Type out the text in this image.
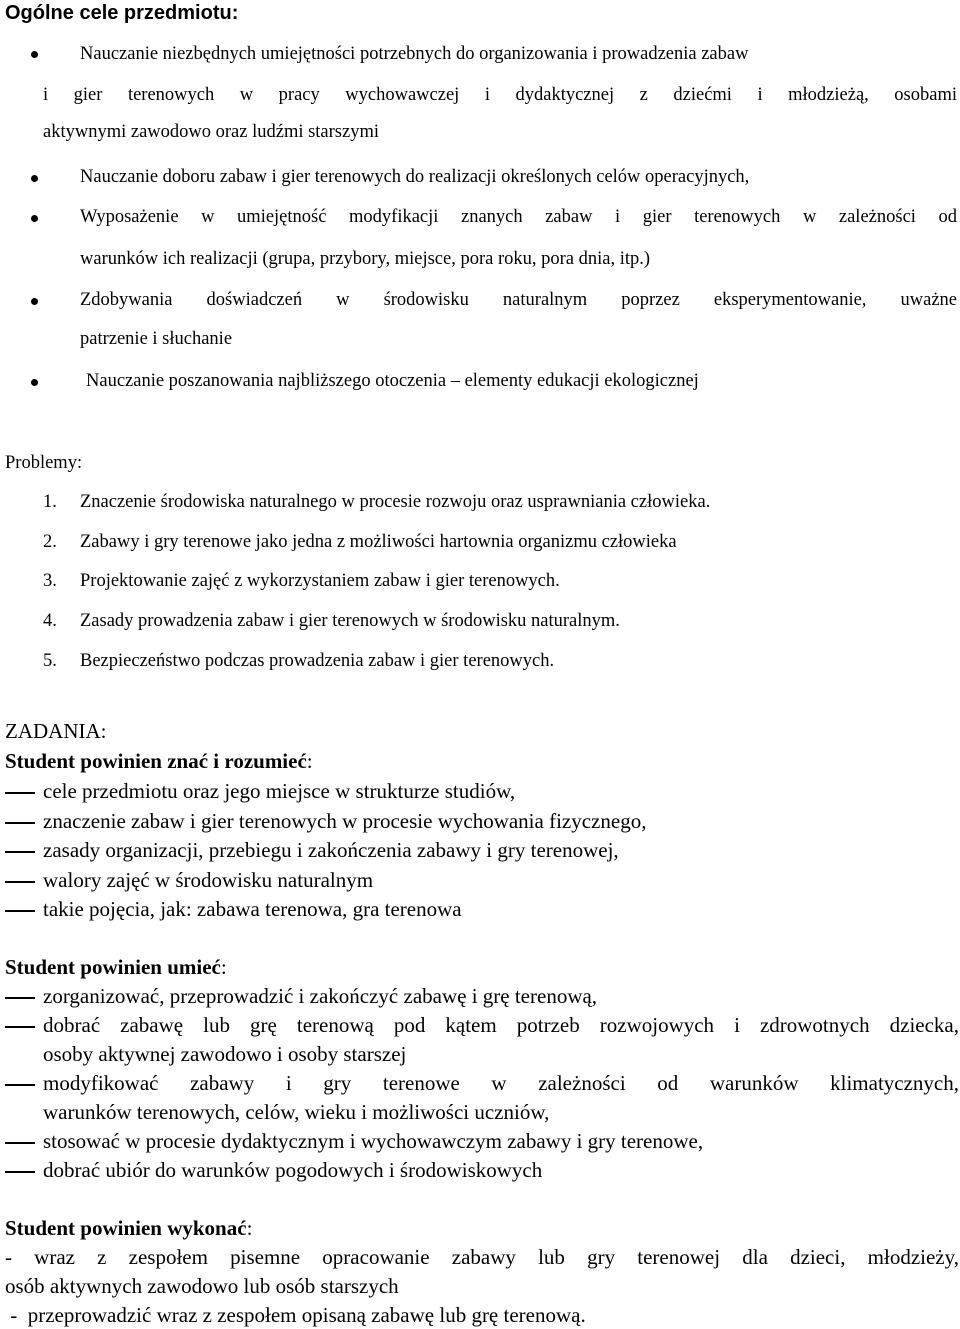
Ogólne cele przedmiotu:
Nauczanie niezbędnych umiejętności potrzebnych do organizowania i prowadzenia zabaw
i gier terenowych w pracy wychowawczej i dydaktycznej z dziećmi i młodzieżą, osobami
aktywnymi zawodowo oraz ludźmi starszymi
Nauczanie doboru zabaw i gier terenowych do realizacji określonych celów operacyjnych,
Wyposażenie w umiejętność modyfikacji znanych zabaw i gier terenowych w zależności od
warunków ich realizacji (grupa, przybory, miejsce, pora roku, pora dnia, itp.)
Zdobywania doświadczeń w środowisku naturalnym poprzez eksperymentowanie, uważne
patrzenie i słuchanie
Nauczanie poszanowania najbliższego otoczenia – elementy edukacji ekologicznej
Problemy:
1. Znaczenie środowiska naturalnego w procesie rozwoju oraz usprawniania człowieka.
2. Zabawy i gry terenowe jako jedna z możliwości hartownia organizmu człowieka
3. Projektowanie zajęć z wykorzystaniem zabaw i gier terenowych.
4. Zasady prowadzenia zabaw i gier terenowych w środowisku naturalnym.
5. Bezpieczeństwo podczas prowadzenia zabaw i gier terenowych.
ZADANIA:
Student powinien znać i rozumieć:
cele przedmiotu oraz jego miejsce w strukturze studiów,
znaczenie zabaw i gier terenowych w procesie wychowania fizycznego,
zasady organizacji, przebiegu i zakończenia zabawy i gry terenowej,
walory zajęć w środowisku naturalnym
takie pojęcia, jak: zabawa terenowa, gra terenowa
Student powinien umieć:
zorganizować, przeprowadzić i zakończyć zabawę i grę terenową,
dobrać zabawę lub grę terenową pod kątem potrzeb rozwojowych i zdrowotnych dziecka,
osoby aktywnej zawodowo i osoby starszej
modyfikować zabawy i gry terenowe w zależności od warunków klimatycznych,
warunków terenowych, celów, wieku i możliwości uczniów,
stosować w procesie dydaktycznym i wychowawczym zabawy i gry terenowe,
dobrać ubiór do warunków pogodowych i środowiskowych
Student powinien wykonać:
- wraz z zespołem pisemne opracowanie zabawy lub gry terenowej dla dzieci, młodzieży,
osób aktywnych zawodowo lub osób starszych
-  przeprowadzić wraz z zespołem opisaną zabawę lub grę terenową.
